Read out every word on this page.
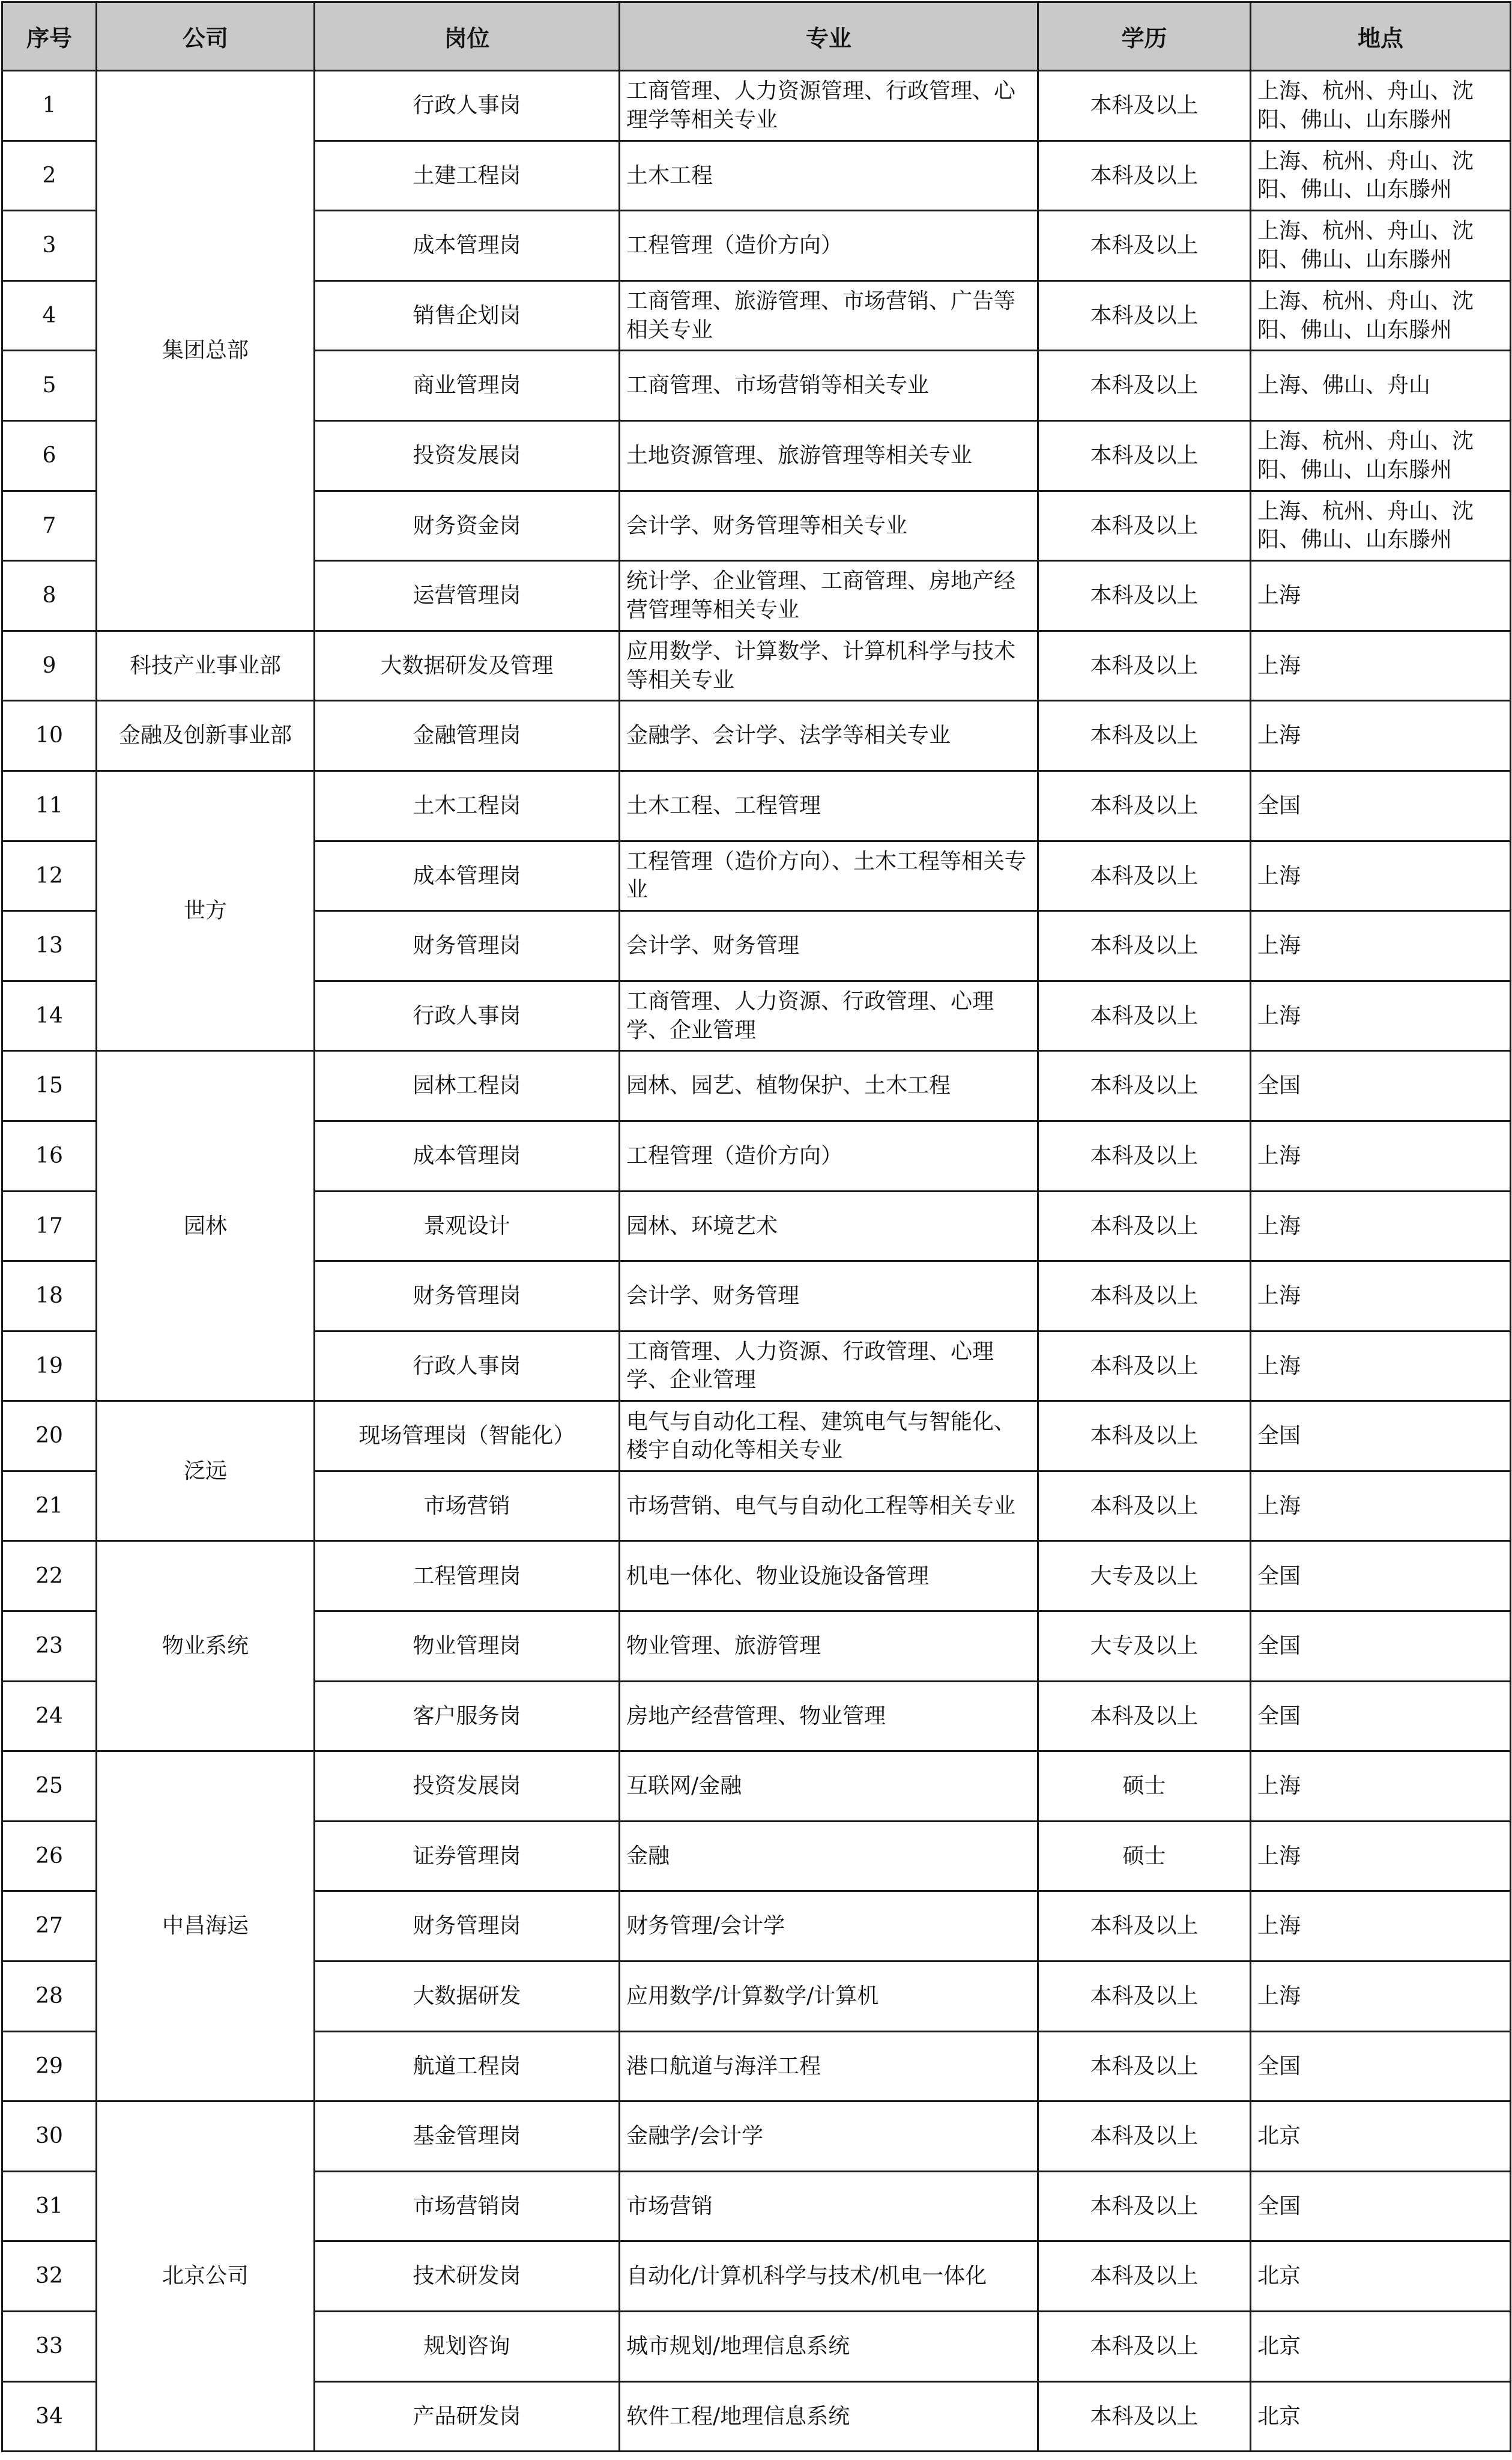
序号	公司	岗位	专业	学历	地点
1	集团总部	行政人事岗	工商管理、人力资源管理、行政管理、心理学等相关专业	本科及以上	上海、杭州、舟山、沈阳、佛山、山东滕州
2		土建工程岗	土木工程	本科及以上	上海、杭州、舟山、沈阳、佛山、山东滕州
3		成本管理岗	工程管理（造价方向）	本科及以上	上海、杭州、舟山、沈阳、佛山、山东滕州
4		销售企划岗	工商管理、旅游管理、市场营销、广告等相关专业	本科及以上	上海、杭州、舟山、沈阳、佛山、山东滕州
5		商业管理岗	工商管理、市场营销等相关专业	本科及以上	上海、佛山、舟山
6		投资发展岗	土地资源管理、旅游管理等相关专业	本科及以上	上海、杭州、舟山、沈阳、佛山、山东滕州
7		财务资金岗	会计学、财务管理等相关专业	本科及以上	上海、杭州、舟山、沈阳、佛山、山东滕州
8		运营管理岗	统计学、企业管理、工商管理、房地产经营管理等相关专业	本科及以上	上海
9	科技产业事业部	大数据研发及管理	应用数学、计算数学、计算机科学与技术等相关专业	本科及以上	上海
10	金融及创新事业部	金融管理岗	金融学、会计学、法学等相关专业	本科及以上	上海
11	世方	土木工程岗	土木工程、工程管理	本科及以上	全国
12		成本管理岗	工程管理（造价方向）、土木工程等相关专业	本科及以上	上海
13		财务管理岗	会计学、财务管理	本科及以上	上海
14		行政人事岗	工商管理、人力资源、行政管理、心理学、企业管理	本科及以上	上海
15	园林	园林工程岗	园林、园艺、植物保护、土木工程	本科及以上	全国
16		成本管理岗	工程管理（造价方向）	本科及以上	上海
17		景观设计	园林、环境艺术	本科及以上	上海
18		财务管理岗	会计学、财务管理	本科及以上	上海
19		行政人事岗	工商管理、人力资源、行政管理、心理学、企业管理	本科及以上	上海
20	泛远	现场管理岗（智能化）	电气与自动化工程、建筑电气与智能化、楼宇自动化等相关专业	本科及以上	全国
21		市场营销	市场营销、电气与自动化工程等相关专业	本科及以上	上海
22	物业系统	工程管理岗	机电一体化、物业设施设备管理	大专及以上	全国
23		物业管理岗	物业管理、旅游管理	大专及以上	全国
24		客户服务岗	房地产经营管理、物业管理	本科及以上	全国
25	中昌海运	投资发展岗	互联网/金融	硕士	上海
26		证券管理岗	金融	硕士	上海
27		财务管理岗	财务管理/会计学	本科及以上	上海
28		大数据研发	应用数学/计算数学/计算机	本科及以上	上海
29		航道工程岗	港口航道与海洋工程	本科及以上	全国
30	北京公司	基金管理岗	金融学/会计学	本科及以上	北京
31		市场营销岗	市场营销	本科及以上	全国
32		技术研发岗	自动化/计算机科学与技术/机电一体化	本科及以上	北京
33		规划咨询	城市规划/地理信息系统	本科及以上	北京
34		产品研发岗	软件工程/地理信息系统	本科及以上	北京
